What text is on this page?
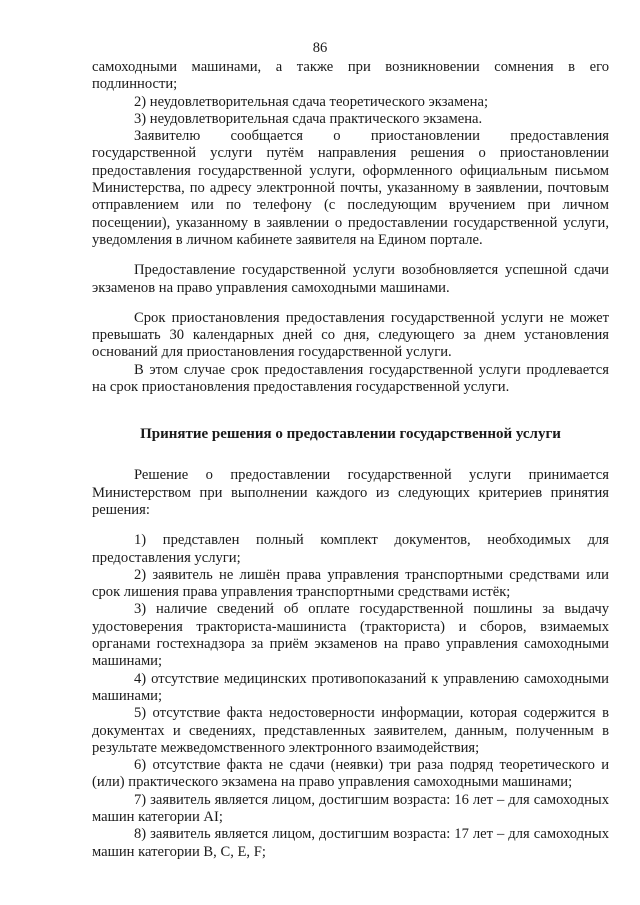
86

самоходными машинами, а также при возникновении сомнения в его подлинности;

2) неудовлетворительная сдача теоретического экзамена;

3) неудовлетворительная сдача практического экзамена.

Заявителю сообщается о приостановлении предоставления государственной услуги путём направления решения о приостановлении предоставления государственной услуги, оформленного официальным письмом Министерства, по адресу электронной почты, указанному в заявлении, почтовым отправлением или по телефону (с последующим вручением при личном посещении), указанному в заявлении о предоставлении государственной услуги, уведомления в личном кабинете заявителя на Едином портале.

Предоставление государственной услуги возобновляется успешной сдачи экзаменов на право управления самоходными машинами.

Срок приостановления предоставления государственной услуги не может превышать 30 календарных дней со дня, следующего за днем установления оснований для приостановления государственной услуги.

В этом случае срок предоставления государственной услуги продлевается на срок приостановления предоставления государственной услуги.

Принятие решения о предоставлении государственной услуги

Решение о предоставлении государственной услуги принимается Министерством при выполнении каждого из следующих критериев принятия решения:

1) представлен полный комплект документов, необходимых для предоставления услуги;

2) заявитель не лишён права управления транспортными средствами или срок лишения права управления транспортными средствами истёк;

3) наличие сведений об оплате государственной пошлины за выдачу удостоверения тракториста-машиниста (тракториста) и сборов, взимаемых органами гостехнадзора за приём экзаменов на право управления самоходными машинами;

4) отсутствие медицинских противопоказаний к управлению самоходными машинами;

5) отсутствие факта недостоверности информации, которая содержится в документах и сведениях, представленных заявителем, данным, полученным в результате межведомственного электронного взаимодействия;

6) отсутствие факта не сдачи (неявки) три раза подряд теоретического и (или) практического экзамена на право управления самоходными машинами;

7) заявитель является лицом, достигшим возраста: 16 лет – для самоходных машин категории AI;

8) заявитель является лицом, достигшим возраста: 17 лет – для самоходных машин категории B, C, E, F;
